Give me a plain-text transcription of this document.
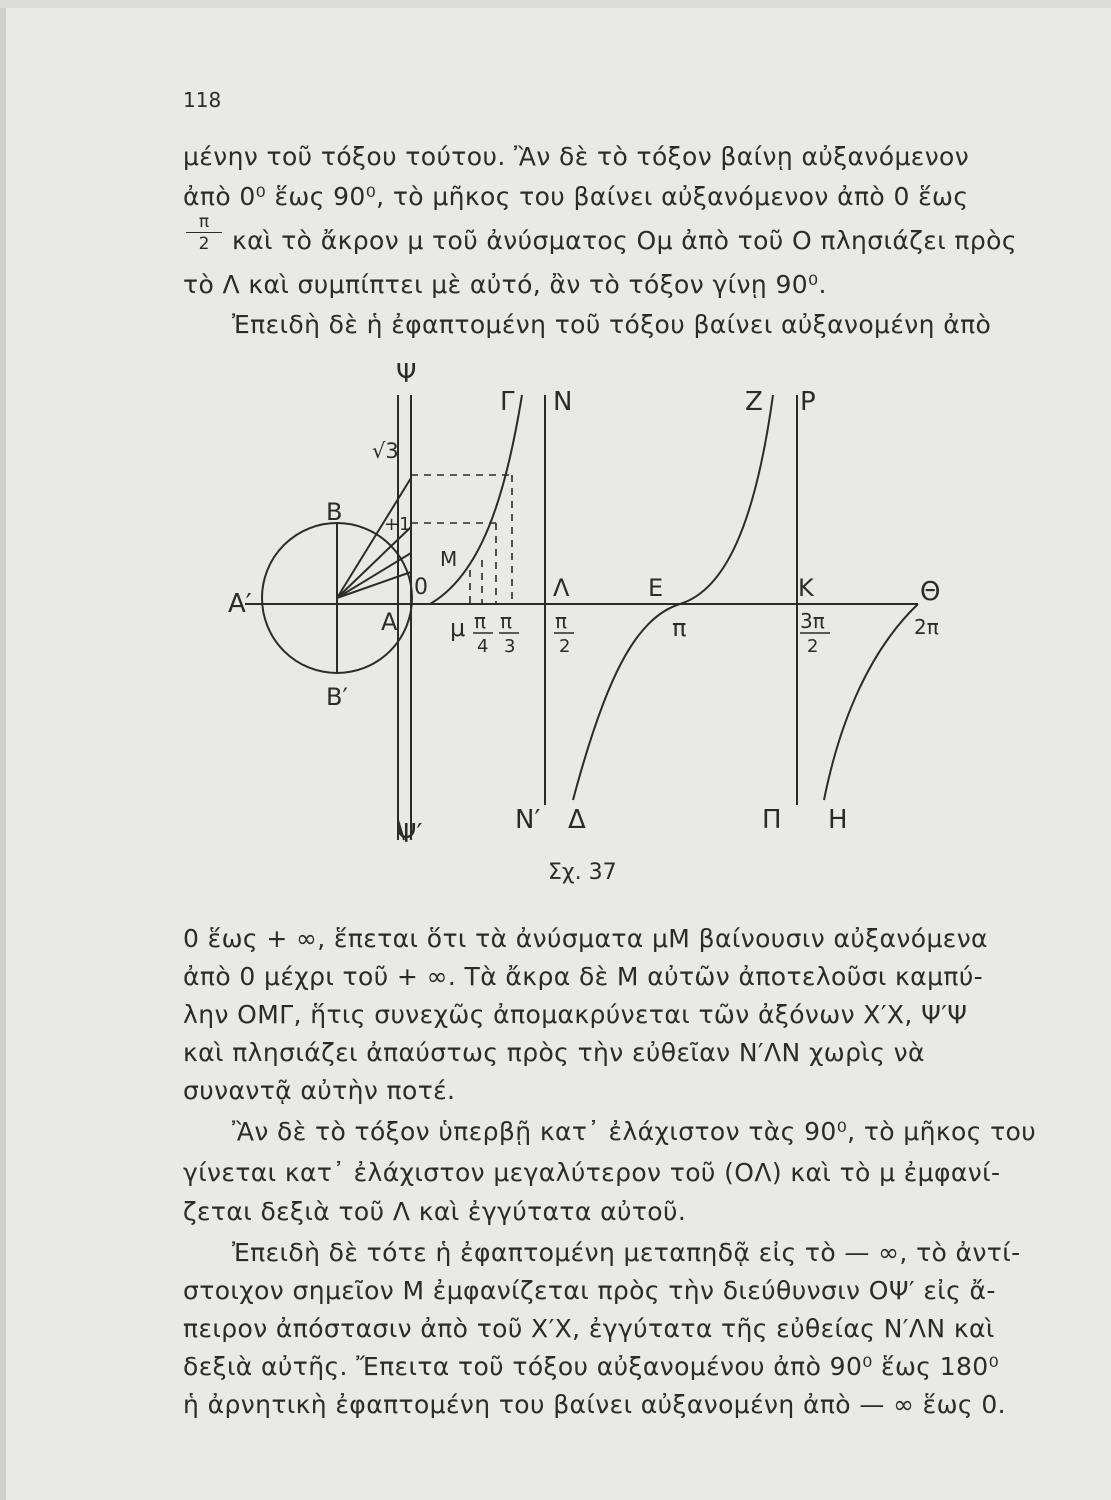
118
μένην τοῦ τόξου τούτου. Ἂν δὲ τὸ τόξον βαίνῃ αὐξανόμενον
ἀπὸ 0⁰ ἕως 90⁰, τὸ μῆκος του βαίνει αὐξανόμενον ἀπὸ 0 ἕως
$\frac{\pi}{2}$ καὶ τὸ ἄκρον μ τοῦ ἀνύσματος Ομ ἀπὸ τοῦ Ο πλησιάζει πρὸς
τὸ Λ καὶ συμπίπτει μὲ αὐτό, ἂν τὸ τόξον γίνῃ 90⁰.
Ἐπειδὴ δὲ ἡ ἐφαπτομένη τοῦ τόξου βαίνει αὐξανομένη ἀπὸ
Ψ
Ψ′
Γ N
N′
Z P
√3
B
B′
+1
0
M
A′
A μ π
4
π
3
Λ
π
2
E
π
K
3π
2
Θ
2π
Δ	Π H
Σχ. 37
0 ἕως + ∞, ἕπεται ὅτι τὰ ἀνύσματα μΜ βαίνουσιν αὐξανόμενα
ἀπὸ 0 μέχρι τοῦ + ∞. Τὰ ἄκρα δὲ Μ αὐτῶν ἀποτελοῦσι καμπύ-
λην ΟΜΓ, ἥτις συνεχῶς ἀπομακρύνεται τῶν ἀξόνων Χ′Χ, Ψ′Ψ
καὶ πλησιάζει ἀπαύστως πρὸς τὴν εὐθεῖαν Ν′ΛΝ χωρὶς νὰ
συναντᾷ αὐτὴν ποτέ.
Ἂν δὲ τὸ τόξον ὑπερβῇ κατ᾽ ἐλάχιστον τὰς 90⁰, τὸ μῆκος του
γίνεται κατ᾽ ἐλάχιστον μεγαλύτερον τοῦ (ΟΛ) καὶ τὸ μ ἐμφανί-
ζεται δεξιὰ τοῦ Λ καὶ ἐγγύτατα αὐτοῦ.
Ἐπειδὴ δὲ τότε ἡ ἐφαπτομένη μεταπηδᾷ εἰς τὸ — ∞, τὸ ἀντί-
στοιχον σημεῖον Μ ἐμφανίζεται πρὸς τὴν διεύθυνσιν ΟΨ′ εἰς ἄ-
πειρον ἀπόστασιν ἀπὸ τοῦ Χ′Χ, ἐγγύτατα τῆς εὐθείας Ν′ΛΝ καὶ
δεξιὰ αὐτῆς. Ἔπειτα τοῦ τόξου αὐξανομένου ἀπὸ 90⁰ ἕως 180⁰
ἡ ἀρνητικὴ ἐφαπτομένη του βαίνει αὐξανομένη ἀπὸ — ∞ ἕως 0.
